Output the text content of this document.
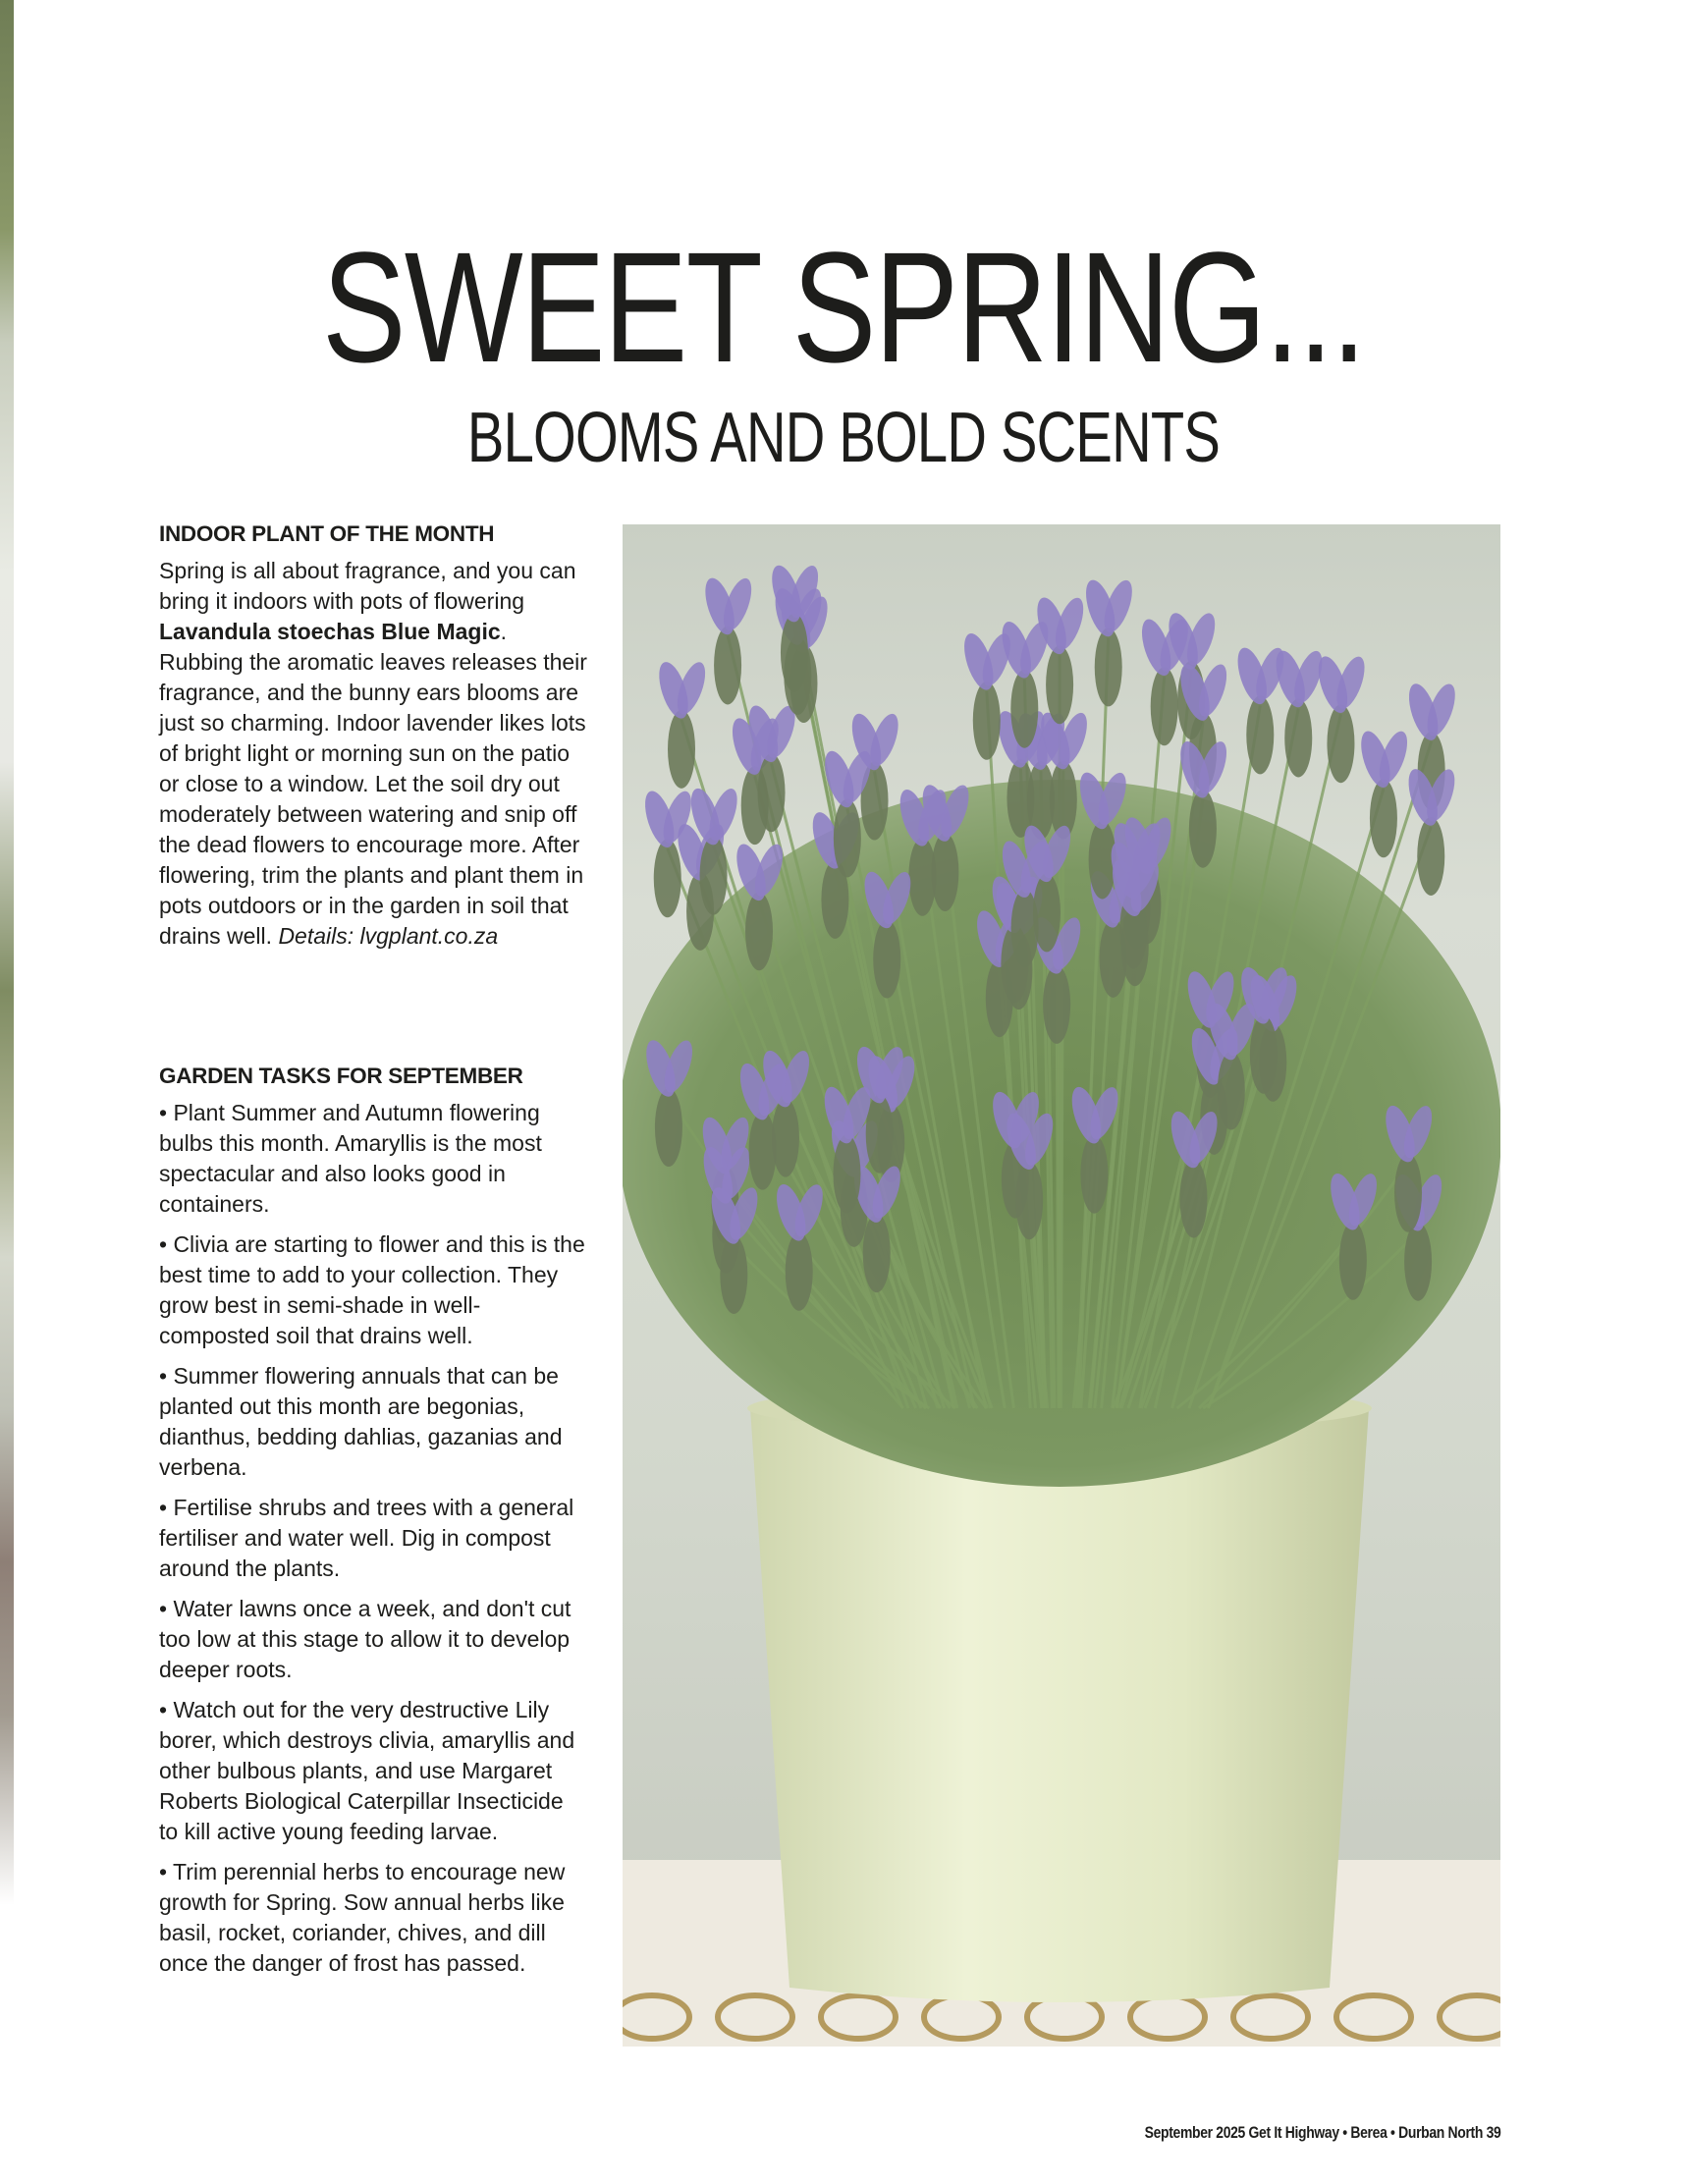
SWEET SPRING...
BLOOMS AND BOLD SCENTS
INDOOR PLANT OF THE MONTH

Spring is all about fragrance, and you can bring it indoors with pots of flowering Lavandula stoechas Blue Magic. Rubbing the aromatic leaves releases their fragrance, and the bunny ears blooms are just so charming. Indoor lavender likes lots of bright light or morning sun on the patio or close to a window. Let the soil dry out moderately between watering and snip off the dead flowers to encourage more. After flowering, trim the plants and plant them in pots outdoors or in the garden in soil that drains well. Details: lvgplant.co.za

GARDEN TASKS FOR SEPTEMBER

• Plant Summer and Autumn flowering bulbs this month. Amaryllis is the most spectacular and also looks good in containers.

• Clivia are starting to flower and this is the best time to add to your collection. They grow best in semi-shade in well-composted soil that drains well.

• Summer flowering annuals that can be planted out this month are begonias, dianthus, bedding dahlias, gazanias and verbena.

• Fertilise shrubs and trees with a general fertiliser and water well. Dig in compost around the plants.

• Water lawns once a week, and don't cut too low at this stage to allow it to develop deeper roots.

• Watch out for the very destructive Lily borer, which destroys clivia, amaryllis and other bulbous plants, and use Margaret Roberts Biological Caterpillar Insecticide to kill active young feeding larvae.

• Trim perennial herbs to encourage new growth for Spring. Sow annual herbs like basil, rocket, coriander, chives, and dill once the danger of frost has passed.

September 2025 Get It Highway • Berea • Durban North 39
